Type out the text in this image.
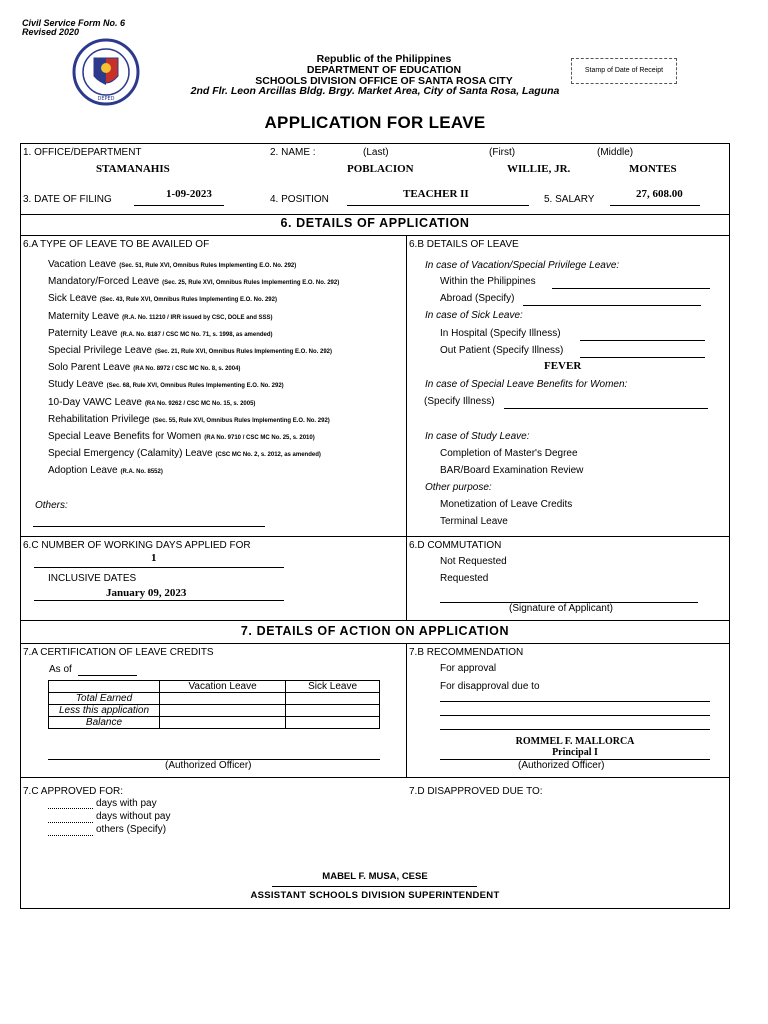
Civil Service Form No. 6
Revised 2020
DEPED
Republic of the Philippines
DEPARTMENT OF EDUCATION
SCHOOLS DIVISION OFFICE OF SANTA ROSA CITY
2nd Flr. Leon Arcillas Bldg. Brgy. Market Area, City of Santa Rosa, Laguna
Stamp of Date of Receipt
APPLICATION FOR LEAVE
1. OFFICE/DEPARTMENT
STAMANAHIS
2. NAME :	(Last)	(First)	(Middle)
POBLACION	WILLIE, JR.	MONTES
3. DATE OF FILING	1-09-2023	4. POSITION	TEACHER II	5. SALARY	27, 608.00
6. DETAILS OF APPLICATION
6.A TYPE OF LEAVE TO BE AVAILED OF
Vacation Leave (Sec. 51, Rule XVI, Omnibus Rules Implementing E.O. No. 292)
Mandatory/Forced Leave (Sec. 25, Rule XVI, Omnibus Rules Implementing E.O. No. 292)
Sick Leave (Sec. 43, Rule XVI, Omnibus Rules Implementing E.O. No. 292)
Maternity Leave (R.A. No. 11210 / IRR issued by CSC, DOLE and SSS)
Paternity Leave (R.A. No. 8187 / CSC MC No. 71, s. 1998, as amended)
Special Privilege Leave (Sec. 21, Rule XVI, Omnibus Rules Implementing E.O. No. 292)
Solo Parent Leave (RA No. 8972 / CSC MC No. 8, s. 2004)
Study Leave (Sec. 68, Rule XVI, Omnibus Rules Implementing E.O. No. 292)
10-Day VAWC Leave (RA No. 9262 / CSC MC No. 15, s. 2005)
Rehabilitation Privilege (Sec. 55, Rule XVI, Omnibus Rules Implementing E.O. No. 292)
Special Leave Benefits for Women (RA No. 9710 / CSC MC No. 25, s. 2010)
Special Emergency (Calamity) Leave (CSC MC No. 2, s. 2012, as amended)
Adoption Leave (R.A. No. 8552)
Others:
6.B DETAILS OF LEAVE
In case of Vacation/Special Privilege Leave:
Within the Philippines
Abroad (Specify)
In case of Sick Leave:
In Hospital (Specify Illness)
Out Patient (Specify Illness)
FEVER
In case of Special Leave Benefits for Women:
(Specify Illness)
In case of Study Leave:
Completion of Master's Degree
BAR/Board Examination Review
Other purpose:
Monetization of Leave Credits
Terminal Leave
6.C NUMBER OF WORKING DAYS APPLIED FOR
1
INCLUSIVE DATES
January 09, 2023
6.D COMMUTATION
Not Requested
Requested
(Signature of Applicant)
7. DETAILS OF ACTION ON APPLICATION
7.A CERTIFICATION OF LEAVE CREDITS
As of
	Vacation Leave	Sick Leave
Total Earned		
Less this application		
Balance		
(Authorized Officer)
7.B RECOMMENDATION
For approval
For disapproval due to
ROMMEL F. MALLORCA
Principal I
(Authorized Officer)
7.C APPROVED FOR:
days with pay
days without pay
others (Specify)
7.D DISAPPROVED DUE TO:
MABEL F. MUSA, CESE
ASSISTANT SCHOOLS DIVISION SUPERINTENDENT
